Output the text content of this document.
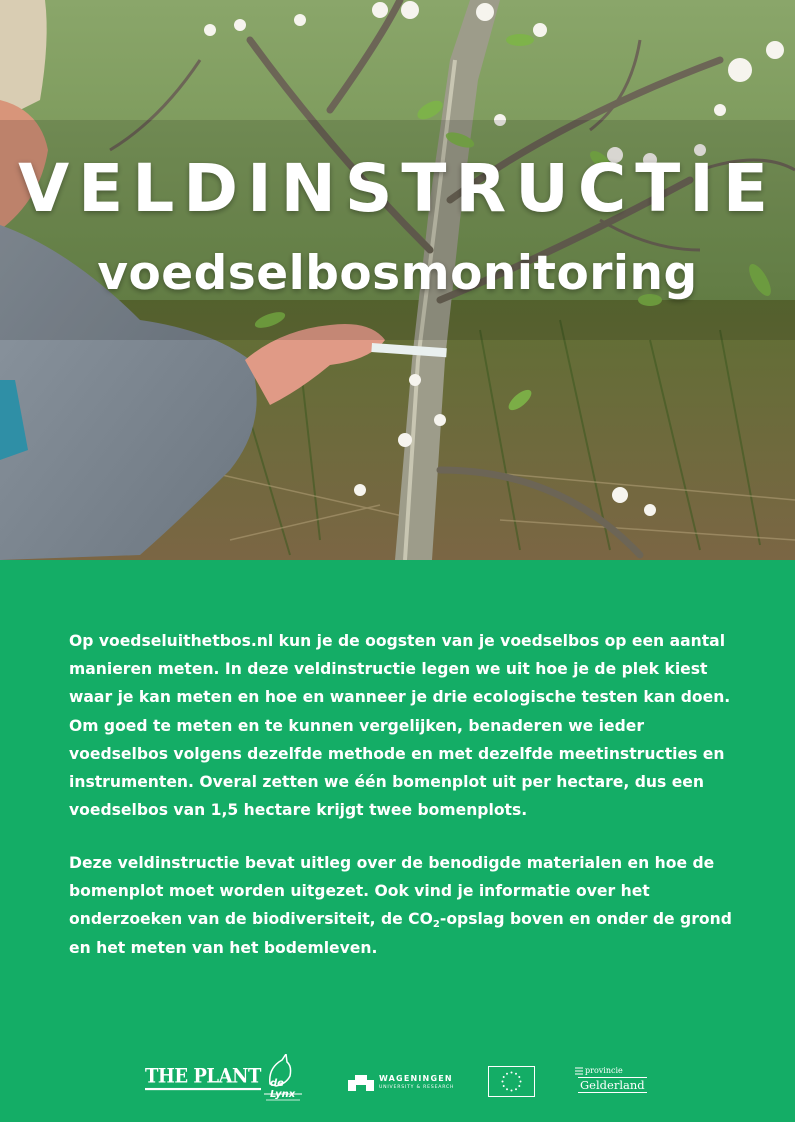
VELDINSTRUCTIE
voedselbosmonitoring

Op voedseluithetbos.nl kun je de oogsten van je voedselbos op een aantal manieren meten. In deze veldinstructie legen we uit hoe je de plek kiest waar je kan meten en hoe en wanneer je drie ecologische testen kan doen. Om goed te meten en te kunnen vergelijken, benaderen we ieder voedselbos volgens dezelfde methode en met dezelfde meetinstructies en instrumenten. Overal zetten we één bomenplot uit per hectare, dus een voedselbos van 1,5 hectare krijgt twee bomenplots.

Deze veldinstructie bevat uitleg over de benodigde materialen en hoe de bomenplot moet worden uitgezet. Ook vind je informatie over het onderzoeken van de biodiversiteit, de $CO_2$-opslag boven en onder de grond en het meten van het bodemleven.

THE PLANT de Lynx
WAGENINGEN
UNIVERSITY & RESEARCH
provincie
Gelderland
